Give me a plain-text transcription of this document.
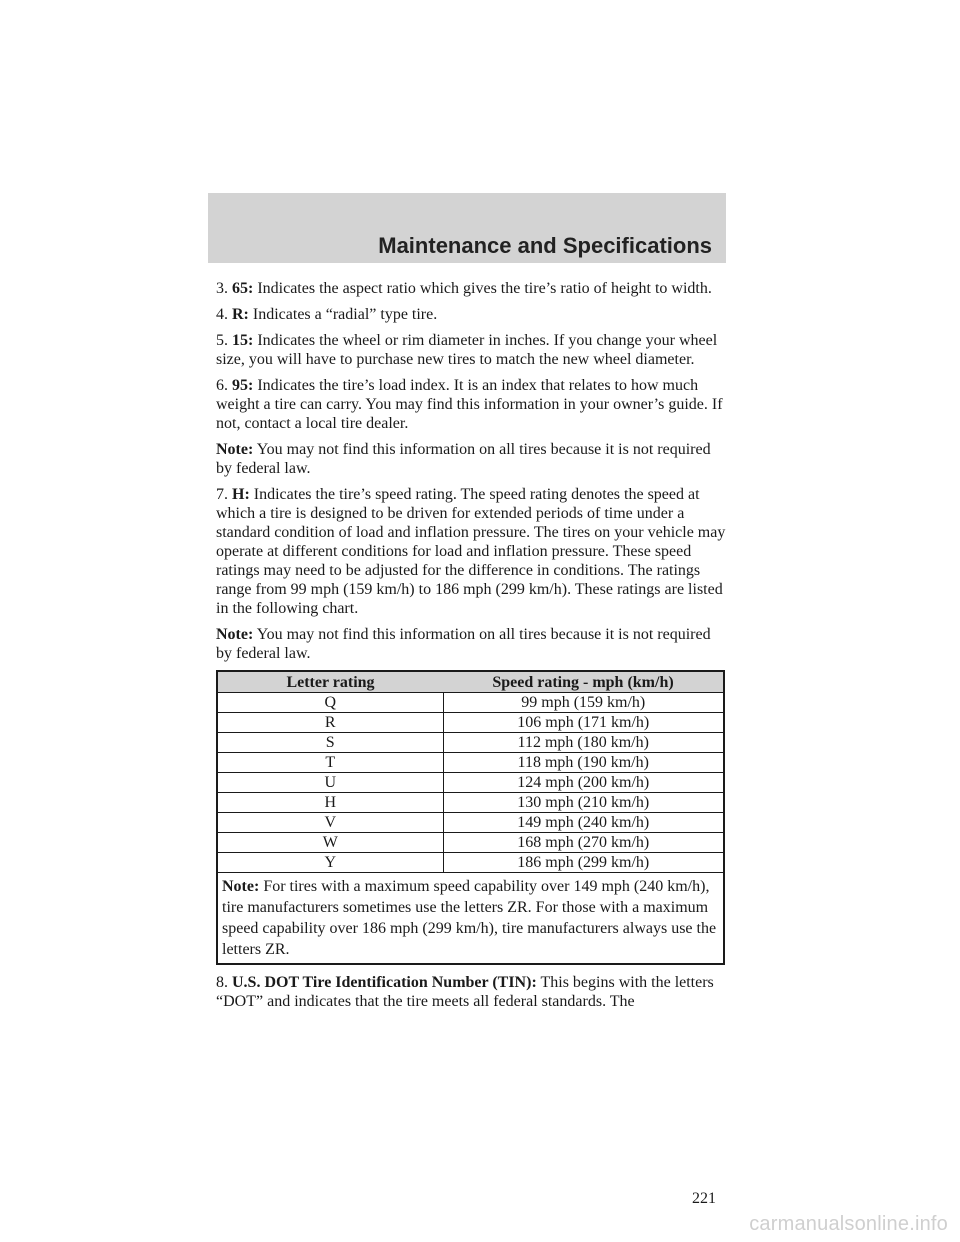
Maintenance and Specifications

3. 65: Indicates the aspect ratio which gives the tire’s ratio of height to width.

4. R: Indicates a “radial” type tire.

5. 15: Indicates the wheel or rim diameter in inches. If you change your wheel size, you will have to purchase new tires to match the new wheel diameter.

6. 95: Indicates the tire’s load index. It is an index that relates to how much weight a tire can carry. You may find this information in your owner’s guide. If not, contact a local tire dealer.

Note: You may not find this information on all tires because it is not required by federal law.

7. H: Indicates the tire’s speed rating. The speed rating denotes the speed at which a tire is designed to be driven for extended periods of time under a standard condition of load and inflation pressure. The tires on your vehicle may operate at different conditions for load and inflation pressure. These speed ratings may need to be adjusted for the difference in conditions. The ratings range from 99 mph (159 km/h) to 186 mph (299 km/h). These ratings are listed in the following chart.

Note: You may not find this information on all tires because it is not required by federal law.

Letter rating	Speed rating - mph (km/h)
Q	99 mph (159 km/h)
R	106 mph (171 km/h)
S	112 mph (180 km/h)
T	118 mph (190 km/h)
U	124 mph (200 km/h)
H	130 mph (210 km/h)
V	149 mph (240 km/h)
W	168 mph (270 km/h)
Y	186 mph (299 km/h)
Note: For tires with a maximum speed capability over 149 mph (240 km/h), tire manufacturers sometimes use the letters ZR. For those with a maximum speed capability over 186 mph (299 km/h), tire manufacturers always use the letters ZR.	

8. U.S. DOT Tire Identification Number (TIN): This begins with the letters “DOT” and indicates that the tire meets all federal standards. The

221
carmanualsonline.info
